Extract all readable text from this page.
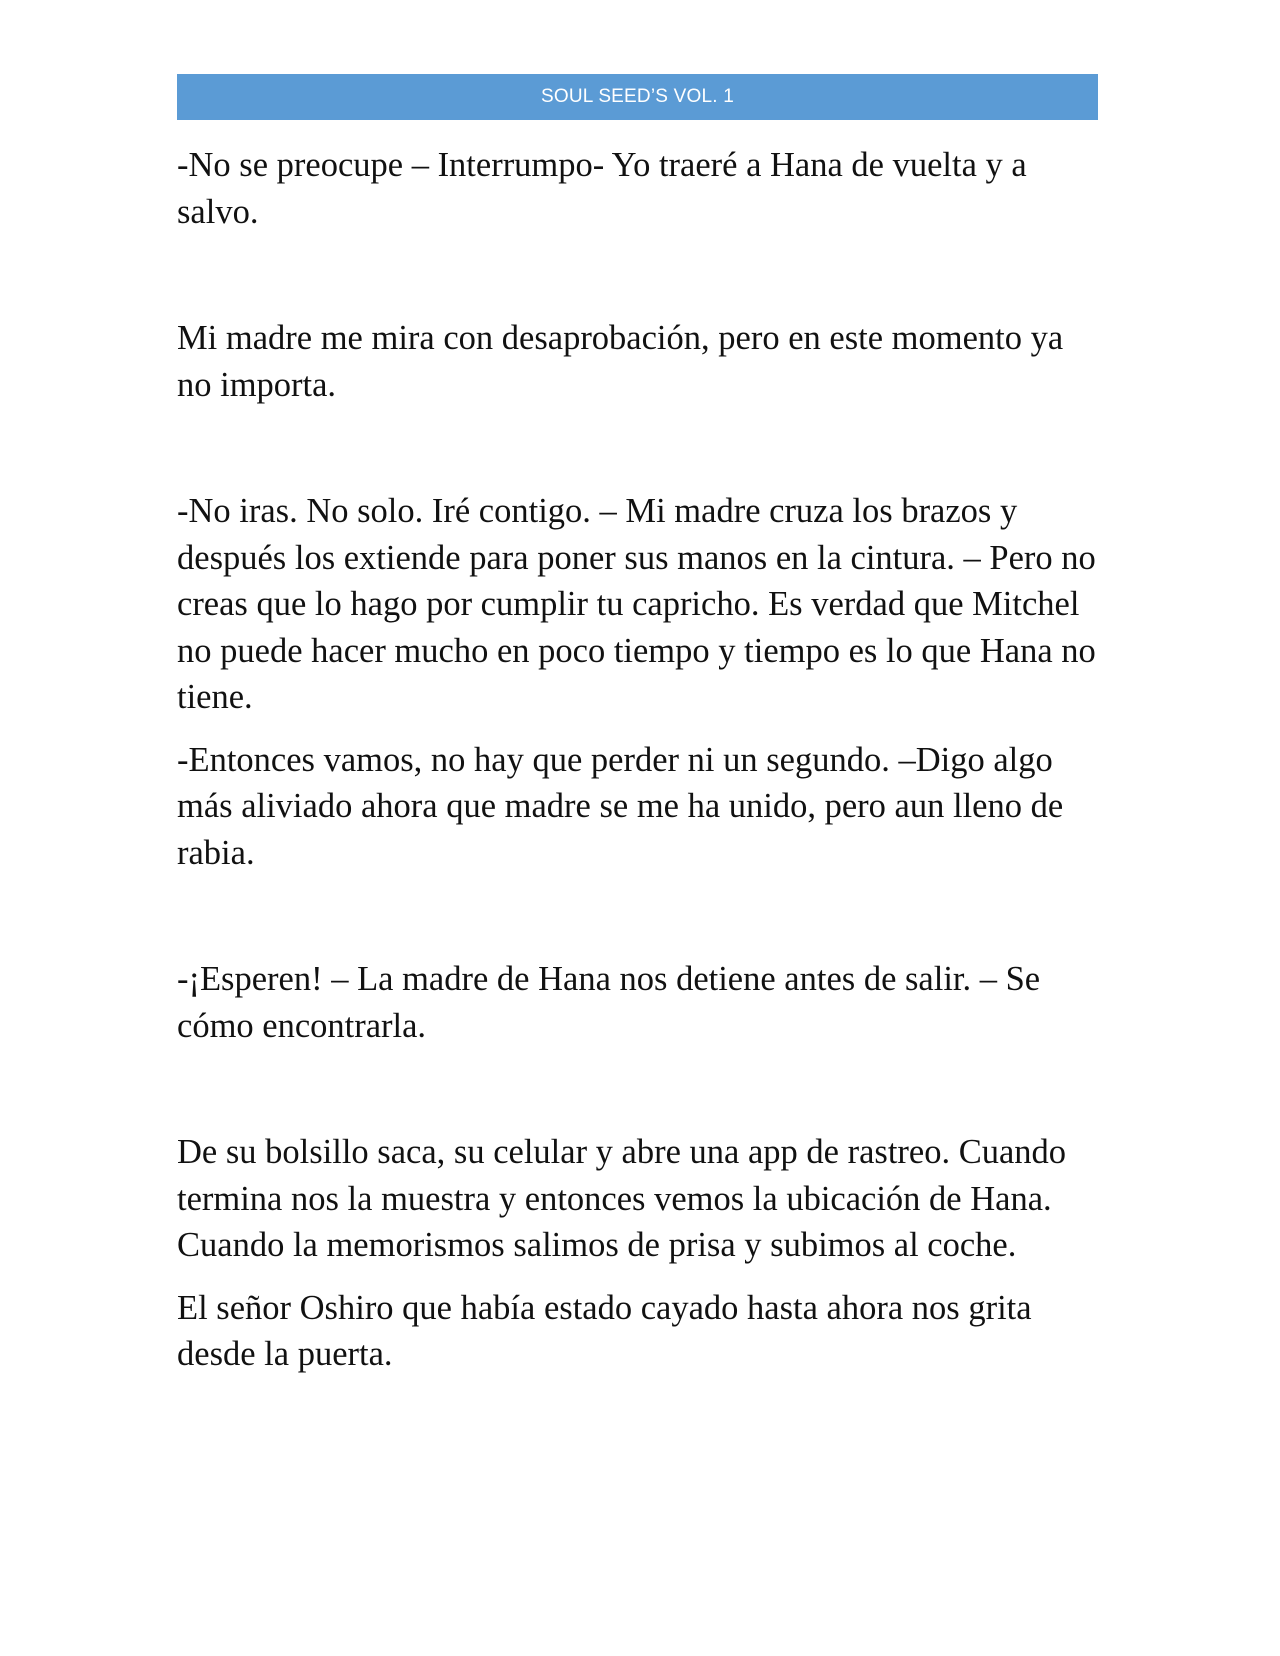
SOUL SEED’S VOL. 1

-No se preocupe – Interrumpo- Yo traeré a Hana de vuelta y a salvo.

Mi madre me mira con desaprobación, pero en este momento ya no importa.

-No iras. No solo. Iré contigo. – Mi madre cruza los brazos y después los extiende para poner sus manos en la cintura. – Pero no creas que lo hago por cumplir tu capricho. Es verdad que Mitchel no puede hacer mucho en poco tiempo y tiempo es lo que Hana no tiene.

-Entonces vamos, no hay que perder ni un segundo. –Digo algo más aliviado ahora que madre se me ha unido, pero aun lleno de rabia.

-¡Esperen! – La madre de Hana nos detiene antes de salir. – Se cómo encontrarla.

De su bolsillo saca, su celular y abre una app de rastreo. Cuando termina nos la muestra y entonces vemos la ubicación de Hana. Cuando la memorismos salimos de prisa y subimos al coche.

El señor Oshiro que había estado cayado hasta ahora nos grita desde la puerta.
